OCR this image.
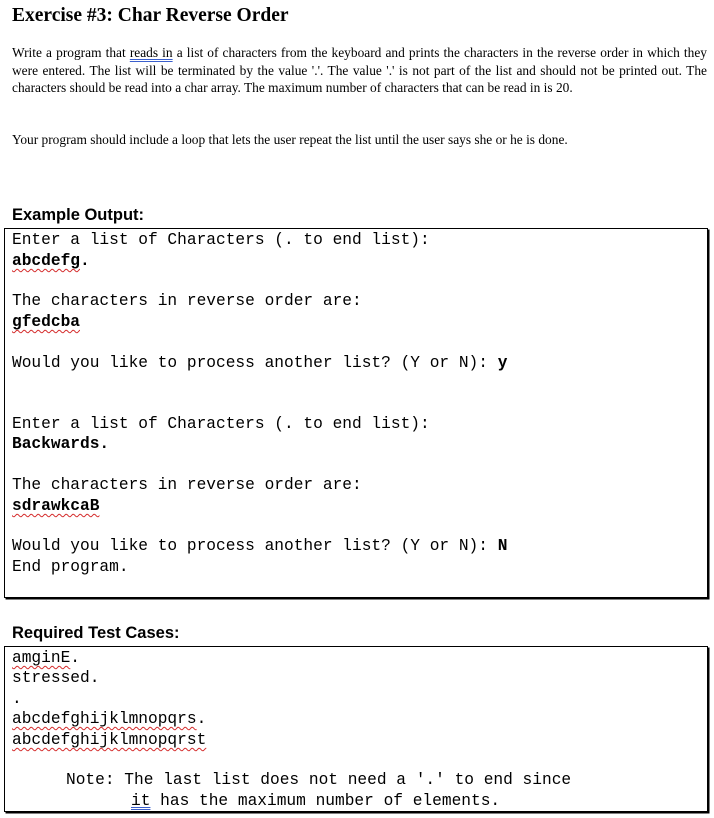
Exercise #3: Char Reverse Order
Write a program that reads in a list of characters from the keyboard and prints the characters in the reverse order in which they were entered. The list will be terminated by the value '.'. The value '.' is not part of the list and should not be printed out. The characters should be read into a char array. The maximum number of characters that can be read in is 20.
Your program should include a loop that lets the user repeat the list until the user says she or he is done.
Example Output:
Enter a list of Characters (. to end list):
abcdefg.
The characters in reverse order are:
gfedcba
Would you like to process another list? (Y or N): y
Enter a list of Characters (. to end list):
Backwards.
The characters in reverse order are:
sdrawkcaB
Would you like to process another list? (Y or N): N
End program.
Required Test Cases:
amginE.
stressed.
.
abcdefghijklmnopqrs.
abcdefghijklmnopqrst
Note: The last list does not need a '.' to end since
it has the maximum number of elements.
